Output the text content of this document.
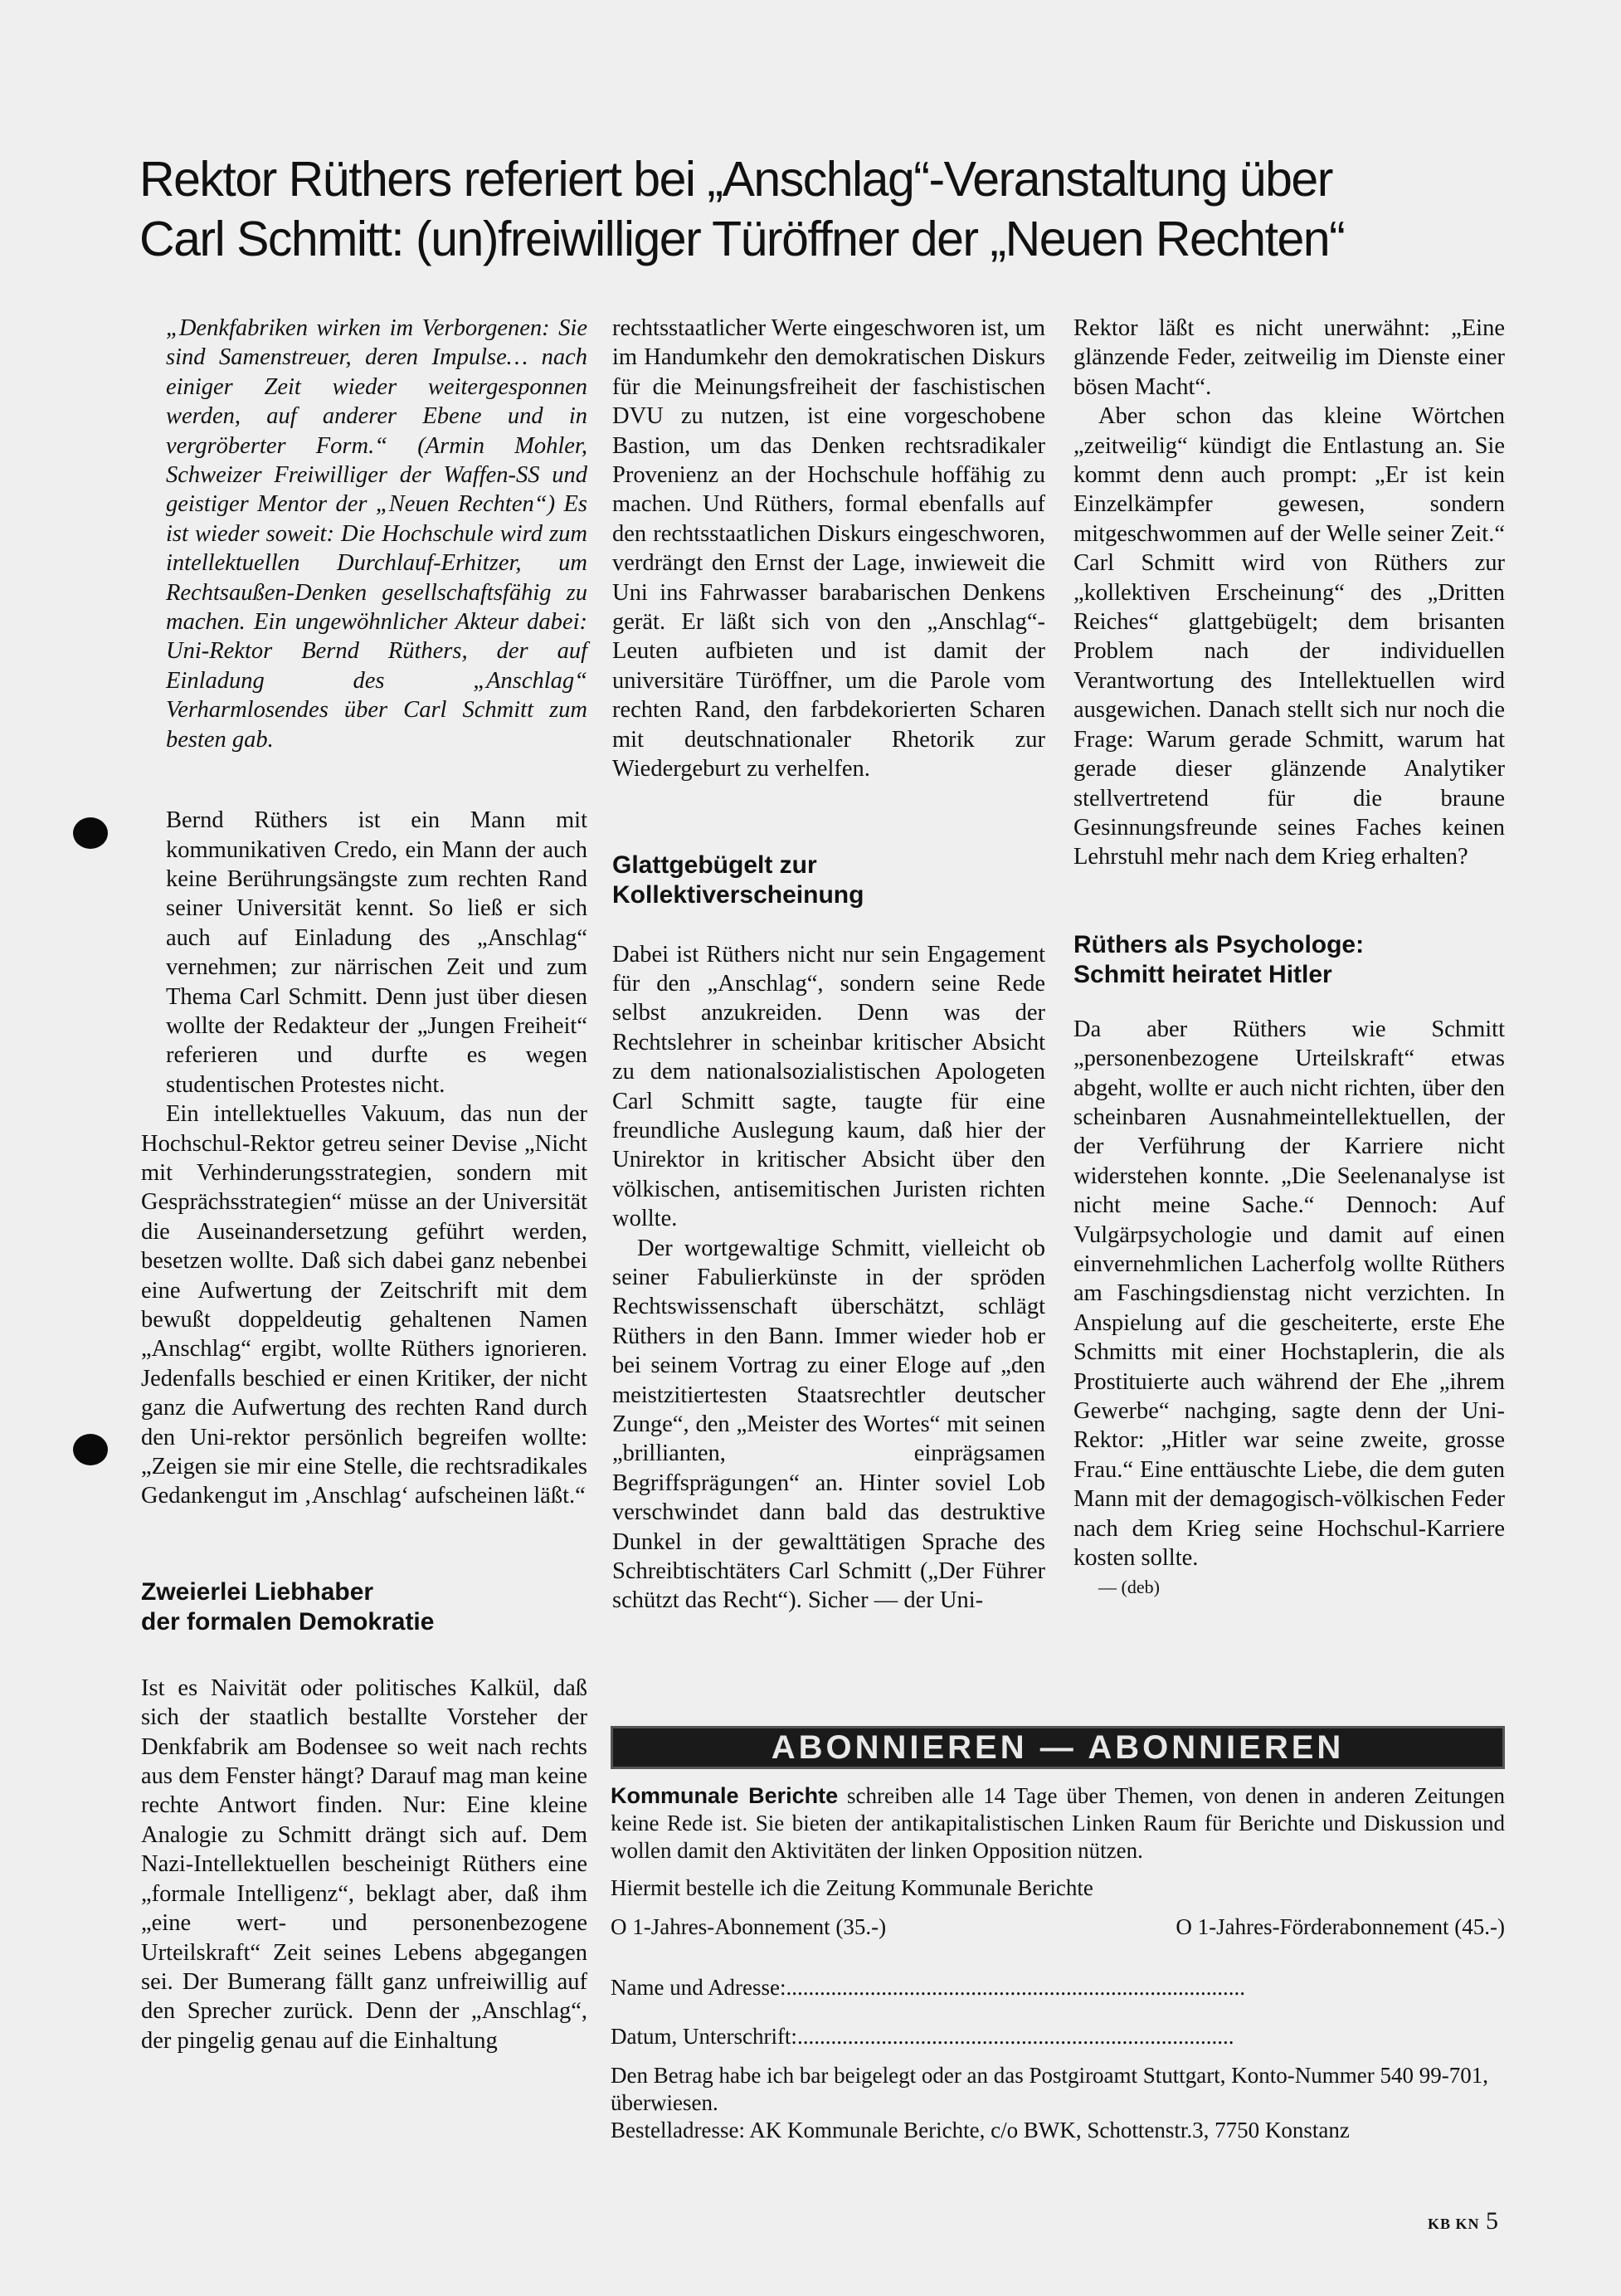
Rektor Rüthers referiert bei „Anschlag“-Veranstaltung über
Carl Schmitt: (un)freiwilliger Türöffner der „Neuen Rechten“

„Denkfabriken wirken im Verborgenen: Sie sind Samenstreuer, deren Impulse… nach einiger Zeit wieder weitergesponnen werden, auf anderer Ebene und in vergröberter Form.“ (Armin Mohler, Schweizer Freiwilliger der Waffen-SS und geistiger Mentor der „Neuen Rechten“) Es ist wieder soweit: Die Hochschule wird zum intellektuellen Durchlauf-Erhitzer, um Rechtsaußen-Denken gesellschaftsfähig zu machen. Ein ungewöhnlicher Akteur dabei: Uni-Rektor Bernd Rüthers, der auf Einladung des „Anschlag“ Verharmlosendes über Carl Schmitt zum besten gab.

Bernd Rüthers ist ein Mann mit kommunikativen Credo, ein Mann der auch keine Berührungsängste zum rechten Rand seiner Universität kennt. So ließ er sich auch auf Einladung des „Anschlag“ vernehmen; zur närrischen Zeit und zum Thema Carl Schmitt. Denn just über diesen wollte der Redakteur der „Jungen Freiheit“ referieren und durfte es wegen studentischen Protestes nicht.

Ein intellektuelles Vakuum, das nun der Hochschul-Rektor getreu seiner Devise „Nicht mit Verhinderungsstrategien, sondern mit Gesprächsstrategien“ müsse an der Universität die Auseinandersetzung geführt werden, besetzen wollte. Daß sich dabei ganz nebenbei eine Aufwertung der Zeitschrift mit dem bewußt doppeldeutig gehaltenen Namen „Anschlag“ ergibt, wollte Rüthers ignorieren. Jedenfalls beschied er einen Kritiker, der nicht ganz die Aufwertung des rechten Rand durch den Uni-rektor persönlich begreifen wollte: „Zeigen sie mir eine Stelle, die rechtsradikales Gedankengut im ‚Anschlag‘ aufscheinen läßt.“

Zweierlei Liebhaber
der formalen Demokratie

Ist es Naivität oder politisches Kalkül, daß sich der staatlich bestallte Vorsteher der Denkfabrik am Bodensee so weit nach rechts aus dem Fenster hängt? Darauf mag man keine rechte Antwort finden. Nur: Eine kleine Analogie zu Schmitt drängt sich auf. Dem Nazi-Intellektuellen bescheinigt Rüthers eine „formale Intelligenz“, beklagt aber, daß ihm „eine wert- und personenbezogene Urteilskraft“ Zeit seines Lebens abgegangen sei. Der Bumerang fällt ganz unfreiwillig auf den Sprecher zurück. Denn der „Anschlag“, der pingelig genau auf die Einhaltung

rechtsstaatlicher Werte eingeschworen ist, um im Handumkehr den demokratischen Diskurs für die Meinungsfreiheit der faschistischen DVU zu nutzen, ist eine vorgeschobene Bastion, um das Denken rechtsradikaler Provenienz an der Hochschule hoffähig zu machen. Und Rüthers, formal ebenfalls auf den rechtsstaatlichen Diskurs eingeschworen, verdrängt den Ernst der Lage, inwieweit die Uni ins Fahrwasser barabarischen Denkens gerät. Er läßt sich von den „Anschlag“-Leuten aufbieten und ist damit der universitäre Türöffner, um die Parole vom rechten Rand, den farbdekorierten Scharen mit deutschnationaler Rhetorik zur Wiedergeburt zu verhelfen.

Glattgebügelt zur
Kollektiverscheinung

Dabei ist Rüthers nicht nur sein Engagement für den „Anschlag“, sondern seine Rede selbst anzukreiden. Denn was der Rechtslehrer in scheinbar kritischer Absicht zu dem nationalsozialistischen Apologeten Carl Schmitt sagte, taugte für eine freundliche Auslegung kaum, daß hier der Unirektor in kritischer Absicht über den völkischen, antisemitischen Juristen richten wollte.

Der wortgewaltige Schmitt, vielleicht ob seiner Fabulierkünste in der spröden Rechtswissenschaft überschätzt, schlägt Rüthers in den Bann. Immer wieder hob er bei seinem Vortrag zu einer Eloge auf „den meistzitiertesten Staatsrechtler deutscher Zunge“, den „Meister des Wortes“ mit seinen „brillianten, einprägsamen Begriffsprägungen“ an. Hinter soviel Lob verschwindet dann bald das destruktive Dunkel in der gewalttätigen Sprache des Schreibtischtäters Carl Schmitt („Der Führer schützt das Recht“). Sicher — der Uni-

Rektor läßt es nicht unerwähnt: „Eine glänzende Feder, zeitweilig im Dienste einer bösen Macht“.

Aber schon das kleine Wörtchen „zeitweilig“ kündigt die Entlastung an. Sie kommt denn auch prompt: „Er ist kein Einzelkämpfer gewesen, sondern mitgeschwommen auf der Welle seiner Zeit.“ Carl Schmitt wird von Rüthers zur „kollektiven Erscheinung“ des „Dritten Reiches“ glattgebügelt; dem brisanten Problem nach der individuellen Verantwortung des Intellektuellen wird ausgewichen. Danach stellt sich nur noch die Frage: Warum gerade Schmitt, warum hat gerade dieser glänzende Analytiker stellvertretend für die braune Gesinnungsfreunde seines Faches keinen Lehrstuhl mehr nach dem Krieg erhalten?

Rüthers als Psychologe:
Schmitt heiratet Hitler

Da aber Rüthers wie Schmitt „personenbezogene Urteilskraft“ etwas abgeht, wollte er auch nicht richten, über den scheinbaren Ausnahmeintellektuellen, der der Verführung der Karriere nicht widerstehen konnte. „Die Seelenanalyse ist nicht meine Sache.“ Dennoch: Auf Vulgärpsychologie und damit auf einen einvernehmlichen Lacherfolg wollte Rüthers am Faschingsdienstag nicht verzichten. In Anspielung auf die gescheiterte, erste Ehe Schmitts mit einer Hochstaplerin, die als Prostituierte auch während der Ehe „ihrem Gewerbe“ nachging, sagte denn der Uni-Rektor: „Hitler war seine zweite, grosse Frau.“ Eine enttäuschte Liebe, die dem guten Mann mit der demagogisch-völkischen Feder nach dem Krieg seine Hochschul-Karriere kosten sollte.

— (deb)
ABONNIEREN — ABONNIEREN

Kommunale Berichte schreiben alle 14 Tage über Themen, von denen in anderen Zeitungen keine Rede ist. Sie bieten der antikapitalistischen Linken Raum für Berichte und Diskussion und wollen damit den Aktivitäten der linken Opposition nützen.

Hiermit bestelle ich die Zeitung Kommunale Berichte

O 1-Jahres-Abonnement (35.-)	O 1-Jahres-Förderabonnement (45.-)
Name und Adresse:..................................................................................
Datum, Unterschrift:..............................................................................

Den Betrag habe ich bar beigelegt oder an das Postgiroamt Stuttgart, Konto-Nummer 540 99-701, überwiesen.

Bestelladresse: AK Kommunale Berichte, c/o BWK, Schottenstr.3, 7750 Konstanz

KB KN 5
